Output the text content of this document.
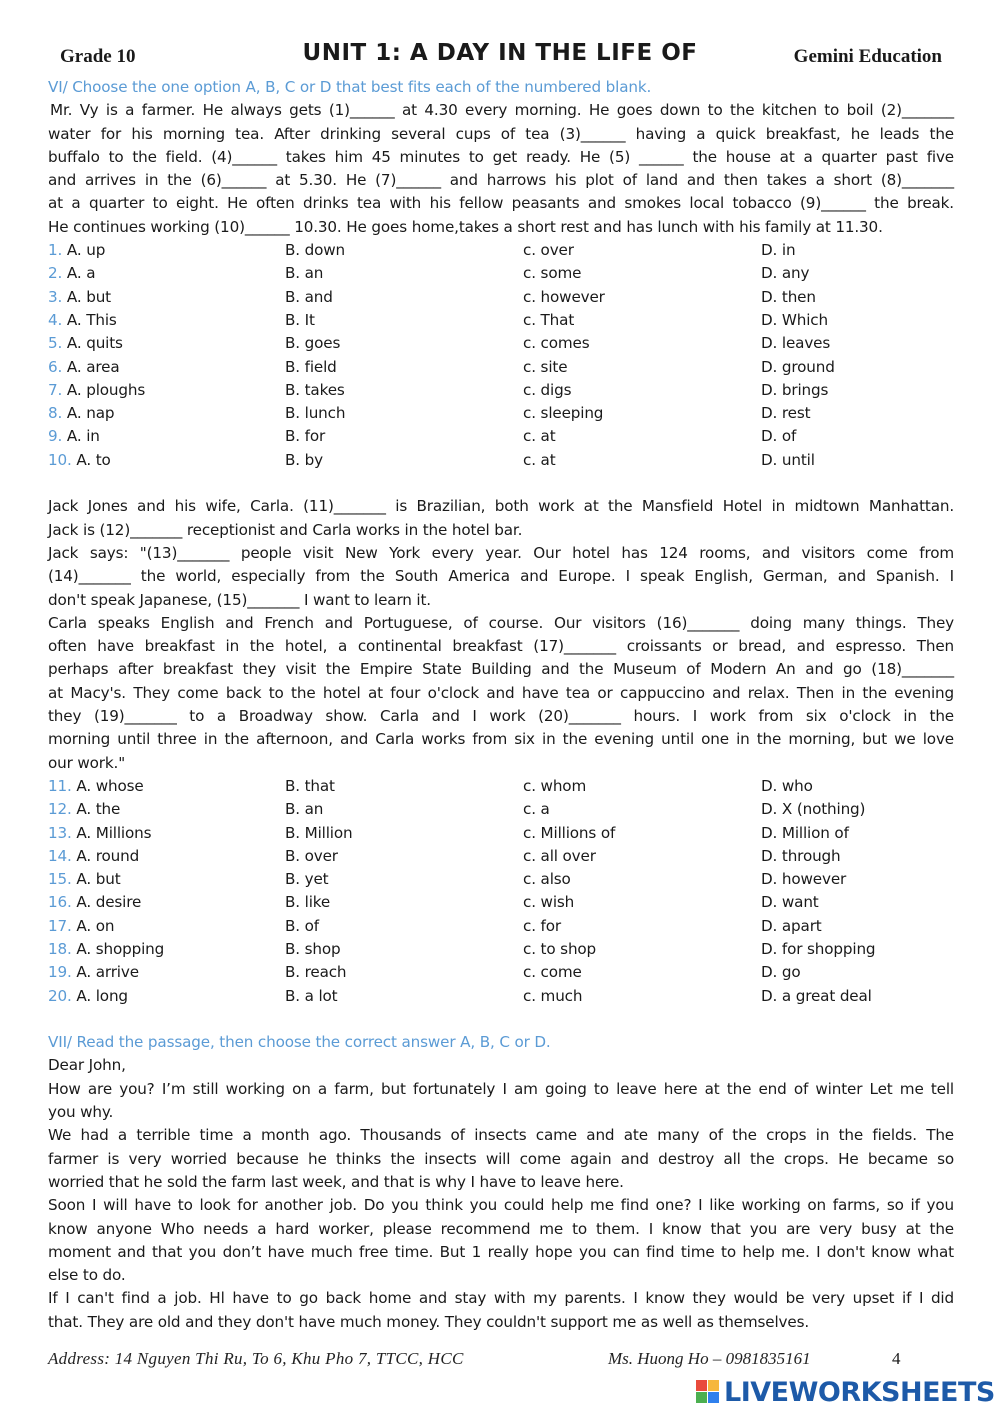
Grade 10	UNIT 1: A DAY IN THE LIFE OF	Gemini Education
VI/ Choose the one option A, B, C or D that best fits each of the numbered blank.
Mr. Vy is a farmer. He always gets (1)______ at 4.30 every morning. He goes down to the kitchen to boil (2)_______
water for his morning tea. After drinking several cups of tea (3)______ having a quick breakfast, he leads the
buffalo to the field. (4)______ takes him 45 minutes to get ready. He (5) ______ the house at a quarter past five
and arrives in the (6)______ at 5.30. He (7)______ and harrows his plot of land and then takes a short (8)_______
at a quarter to eight. He often drinks tea with his fellow peasants and smokes local tobacco (9)______ the break.
He continues working (10)______ 10.30. He goes home,takes a short rest and has lunch with his family at 11.30.
1. A. up	B. down	c. over	D. in
2. A. a	B. an	c. some	D. any
3. A. but	B. and	c. however	D. then
4. A. This	B. It	c. That	D. Which
5. A. quits	B. goes	c. comes	D. leaves
6. A. area	B. field	c. site	D. ground
7. A. ploughs	B. takes	c. digs	D. brings
8. A. nap	B. lunch	c. sleeping	D. rest
9. A. in	B. for	c. at	D. of
10. A. to	B. by	c. at	D. until
Jack Jones and his wife, Carla. (11)_______ is Brazilian, both work at the Mansfield Hotel in midtown Manhattan.
Jack is (12)_______ receptionist and Carla works in the hotel bar.
Jack says: "(13)_______ people visit New York every year. Our hotel has 124 rooms, and visitors come from
(14)_______ the world, especially from the South America and Europe. I speak English, German, and Spanish. I
don't speak Japanese, (15)_______ I want to learn it.
Carla speaks English and French and Portuguese, of course. Our visitors (16)_______ doing many things. They
often have breakfast in the hotel, a continental breakfast (17)_______ croissants or bread, and espresso. Then
perhaps after breakfast they visit the Empire State Building and the Museum of Modern An and go (18)_______
at Macy's. They come back to the hotel at four o'clock and have tea or cappuccino and relax. Then in the evening
they (19)_______ to a Broadway show. Carla and I work (20)_______ hours. I work from six o'clock in the
morning until three in the afternoon, and Carla works from six in the evening until one in the morning, but we love
our work."
11. A. whose	B. that	c. whom	D. who
12. A. the	B. an	c. a	D. X (nothing)
13. A. Millions	B. Million	c. Millions of	D. Million of
14. A. round	B. over	c. all over	D. through
15. A. but	B. yet	c. also	D. however
16. A. desire	B. like	c. wish	D. want
17. A. on	B. of	c. for	D. apart
18. A. shopping	B. shop	c. to shop	D. for shopping
19. A. arrive	B. reach	c. come	D. go
20. A. long	B. a lot	c. much	D. a great deal
VII/ Read the passage, then choose the correct answer A, B, C or D.
Dear John,
How are you? I’m still working on a farm, but fortunately I am going to leave here at the end of winter Let me tell
you why.
We had a terrible time a month ago. Thousands of insects came and ate many of the crops in the fields. The
farmer is very worried because he thinks the insects will come again and destroy all the crops. He became so
worried that he sold the farm last week, and that is why I have to leave here.
Soon I will have to look for another job. Do you think you could help me find one? I like working on farms, so if you
know anyone Who needs a hard worker, please recommend me to them. I know that you are very busy at the
moment and that you don’t have much free time. But 1 really hope you can find time to help me. I don't know what
else to do.
If I can't find a job. Hl have to go back home and stay with my parents. I know they would be very upset if I did
that. They are old and they don't have much money. They couldn't support me as well as themselves.
Address: 14 Nguyen Thi Ru, To 6, Khu Pho 7, TTCC, HCC	Ms. Huong Ho – 0981835161	4
LIVEWORKSHEETS
